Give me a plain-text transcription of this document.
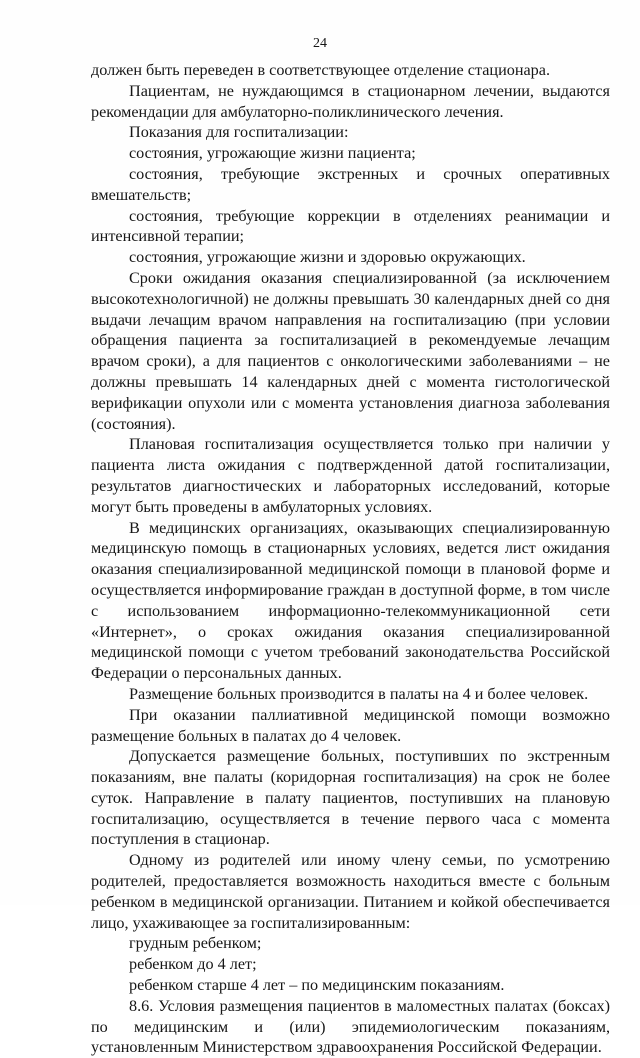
24

должен быть переведен в соответствующее отделение стационара.

Пациентам, не нуждающимся в стационарном лечении, выдаются рекомендации для амбулаторно-поликлинического лечения.

Показания для госпитализации:

состояния, угрожающие жизни пациента;

состояния, требующие экстренных и срочных оперативных вмешательств;

состояния, требующие коррекции в отделениях реанимации и интенсивной терапии;

состояния, угрожающие жизни и здоровью окружающих.

Сроки ожидания оказания специализированной (за исключением высокотехнологичной) не должны превышать 30 календарных дней со дня выдачи лечащим врачом направления на госпитализацию (при условии обращения пациента за госпитализацией в рекомендуемые лечащим врачом сроки), а для пациентов с онкологическими заболеваниями – не должны превышать 14 календарных дней с момента гистологической верификации опухоли или с момента установления диагноза заболевания (состояния).

Плановая госпитализация осуществляется только при наличии у пациента листа ожидания с подтвержденной датой госпитализации, результатов диагностических и лабораторных исследований, которые могут быть проведены в амбулаторных условиях.

В медицинских организациях, оказывающих специализированную медицинскую помощь в стационарных условиях, ведется лист ожидания оказания специализированной медицинской помощи в плановой форме и осуществляется информирование граждан в доступной форме, в том числе с использованием информационно-телекоммуникационной сети «Интернет», о сроках ожидания оказания специализированной медицинской помощи с учетом требований законодательства Российской Федерации о персональных данных.

Размещение больных производится в палаты на 4 и более человек.

При оказании паллиативной медицинской помощи возможно размещение больных в палатах до 4 человек.

Допускается размещение больных, поступивших по экстренным показаниям, вне палаты (коридорная госпитализация) на срок не более суток. Направление в палату пациентов, поступивших на плановую госпитализацию, осуществляется в течение первого часа с момента поступления в стационар.

Одному из родителей или иному члену семьи, по усмотрению родителей, предоставляется возможность находиться вместе с больным ребенком в медицинской организации. Питанием и койкой обеспечивается лицо, ухаживающее за госпитализированным:

грудным ребенком;

ребенком до 4 лет;

ребенком старше 4 лет – по медицинским показаниям.

8.6. Условия размещения пациентов в маломестных палатах (боксах) по медицинским и (или) эпидемиологическим показаниям, установленным Министерством здравоохранения Российской Федерации.
